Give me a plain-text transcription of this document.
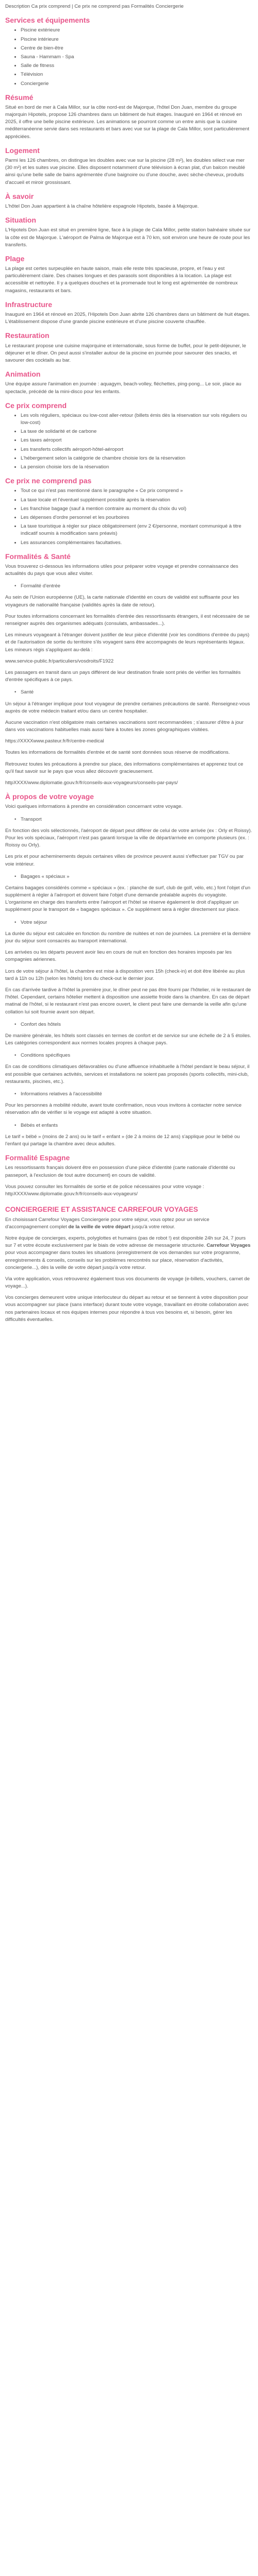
Description Ca prix comprend | Ce prix ne comprend pas Formalités Conciergerie

Services et équipements
• Piscine extérieure
• Piscine intérieure
• Centre de bien-être
• Sauna - Hammam - Spa
• Salle de fitness
• Télévision
• Conciergerie
Résumé

Situé en bord de mer à Cala Millor, sur la côte nord-est de Majorque, l'hôtel Don Juan, membre du groupe majorquin Hipotels, propose 126 chambres dans un bâtiment de huit étages. Inauguré en 1964 et rénové en 2025, il offre une belle piscine extérieure. Les animations se pourront comme un entre amis que la cuisine méditerranéenne servie dans ses restaurants et bars avec vue sur la plage de Cala Millor, sont particulièrement appréciées.

Logement

Parmi les 126 chambres, on distingue les doubles avec vue sur la piscine (28 m²), les doubles sélect vue mer (30 m²) et les suites vue piscine. Elles disposent notamment d'une télévision à écran plat, d'un balcon meublé ainsi qu'une belle salle de bains agrémentée d'une baignoire ou d'une douche, avec sèche-cheveux, produits d'accueil et miroir grossissant.

À savoir

L'hôtel Don Juan appartient à la chaîne hôtelière espagnole Hipotels, basée à Majorque.

Situation

L'Hipotels Don Juan est situé en première ligne, face à la plage de Cala Millor, petite station balnéaire située sur la côte est de Majorque. L'aéroport de Palma de Majorque est à 70 km, soit environ une heure de route pour les transferts.

Plage

La plage est certes surpeuplée en haute saison, mais elle reste très spacieuse, propre, et l'eau y est particulièrement claire. Des chaises longues et des parasols sont disponibles à la location. La plage est accessible et nettoyée. Il y a quelques douches et la promenade tout le long est agrémentée de nombreux magasins, restaurants et bars.

Infrastructure

Inauguré en 1964 et rénové en 2025, l'Hipotels Don Juan abrite 126 chambres dans un bâtiment de huit étages. L'établissement dispose d'une grande piscine extérieure et d'une piscine couverte chauffée.

Restauration

Le restaurant propose une cuisine majorquine et internationale, sous forme de buffet, pour le petit-déjeuner, le déjeuner et le dîner. On peut aussi s'installer autour de la piscine en journée pour savourer des snacks, et savourer des cocktails au bar.

Animation

Une équipe assure l'animation en journée : aquagym, beach-volley, fléchettes, ping-pong... Le soir, place au spectacle, précédé de la mini-disco pour les enfants.

Ce prix comprend
• Les vols réguliers, spéciaux ou low-cost aller-retour (billets émis dès la réservation sur vols réguliers ou low-cost)
• La taxe de solidarité et de carbone
• Les taxes aéroport
• Les transferts collectifs aéroport-hôtel-aéroport
• L'hébergement selon la catégorie de chambre choisie lors de la réservation
• La pension choisie lors de la réservation
Ce prix ne comprend pas
• Tout ce qui n'est pas mentionné dans le paragraphe « Ce prix comprend »
• La taxe locale et l'éventuel supplément possible après la réservation
• Les franchise bagage (sauf à mention contraire au moment du choix du vol)
• Les dépenses d'ordre personnel et les pourboires
• La taxe touristique à régler sur place obligatoirement (env 2 €/personne, montant communiqué à titre indicatif soumis à modification sans préavis)
• Les assurances complémentaires facultatives.
Formalités & Santé

Vous trouverez ci-dessous les informations utiles pour préparer votre voyage et prendre connaissance des actualités du pays que vous allez visiter.

• Formalité d'entrée

Au sein de l'Union européenne (UE), la carte nationale d'identité en cours de validité est suffisante pour les voyageurs de nationalité française (validités après la date de retour).

Pour toutes informations concernant les formalités d'entrée des ressortissants étrangers, il est nécessaire de se renseigner auprès des organismes adéquats (consulats, ambassades...).

Les mineurs voyageant à l'étranger doivent justifier de leur pièce d'identité (voir les conditions d'entrée du pays) et de l'autorisation de sortie du territoire s'ils voyagent sans être accompagnés de leurs représentants légaux. Les mineurs régis s'appliquent au-delà :

www.service-public.fr/particuliers/vosdroits/F1922

Les passagers en transit dans un pays différent de leur destination finale sont priés de vérifier les formalités d'entrée spécifiques à ce pays.

• Santé

Un séjour à l'étranger implique pour tout voyageur de prendre certaines précautions de santé. Renseignez-vous auprès de votre médecin traitant et/ou dans un centre hospitalier.

Aucune vaccination n'est obligatoire mais certaines vaccinations sont recommandées ; s'assurer d'être à jour dans vos vaccinations habituelles mais aussi faire à toutes les zones géographiques visitées.

https://XXXXwww.pasteur.fr/fr/centre-medical

Toutes les informations de formalités d'entrée et de santé sont données sous réserve de modifications.

Retrouvez toutes les précautions à prendre sur place, des informations complémentaires et apprenez tout ce qu'il faut savoir sur le pays que vous allez découvrir gracieusement.

httpXXXX/www.diplomatie.gouv.fr/fr/conseils-aux-voyageurs/conseils-par-pays/

À propos de votre voyage

Voici quelques informations à prendre en considération concernant votre voyage.

• Transport

En fonction des vols sélectionnés, l'aéroport de départ peut différer de celui de votre arrivée (ex : Orly et Roissy). Pour les vols spéciaux, l'aéroport n'est pas garanti lorsque la ville de départ/arrivée en comporte plusieurs (ex. : Roissy ou Orly).

Les prix et pour acheminements depuis certaines villes de province peuvent aussi s'effectuer par TGV ou par voie intérieur.

• Bagages « spéciaux »

Certains bagages considérés comme « spéciaux » (ex. : planche de surf, club de golf, vélo, etc.) font l'objet d'un supplément à régler à l'aéroport et doivent faire l'objet d'une demande préalable auprès du voyagiste. L'organisme en charge des transferts entre l'aéroport et l'hôtel se réserve également le droit d'appliquer un supplément pour le transport de « bagages spéciaux ». Ce supplément sera à régler directement sur place.

• Votre séjour

La durée du séjour est calculée en fonction du nombre de nuitées et non de journées. La première et la dernière jour du séjour sont consacrés au transport international.

Les arrivées ou les départs peuvent avoir lieu en cours de nuit en fonction des horaires imposés par les compagnies aériennes.

Lors de votre séjour à l'hôtel, la chambre est mise à disposition vers 15h (check-in) et doit être libérée au plus tard à 11h ou 12h (selon les hôtels) lors du check-out le dernier jour.

En cas d'arrivée tardive à l'hôtel la première jour, le dîner peut ne pas être fourni par l'hôtelier, ni le restaurant de l'hôtel. Cependant, certains hôtelier mettent à disposition une assiette froide dans la chambre. En cas de départ matinal de l'hôtel, si le restaurant n'est pas encore ouvert, le client peut faire une demande la veille afin qu'une collation lui soit fournie avant son départ.

• Confort des hôtels

De manière générale, les hôtels sont classés en termes de confort et de service sur une échelle de 2 à 5 étoiles. Les catégories correspondent aux normes locales propres à chaque pays.

• Conditions spécifiques

En cas de conditions climatiques défavorables ou d'une affluence inhabituelle à l'hôtel pendant le beau séjour, il est possible que certaines activités, services et installations ne soient pas proposés (sports collectifs, mini-club, restaurants, piscines, etc.).

• Informations relatives à l'accessibilité

Pour les personnes à mobilité réduite, avant toute confirmation, nous vous invitons à contacter notre service réservation afin de vérifier si le voyage est adapté à votre situation.

• Bébés et enfants

Le tarif « bébé » (moins de 2 ans) ou le tarif « enfant » (de 2 à moins de 12 ans) s'applique pour le bébé ou l'enfant qui partage la chambre avec deux adultes.

Formalité Espagne

Les ressortissants français doivent être en possession d'une pièce d'identité (carte nationale d'identité ou passeport, à l'exclusion de tout autre document) en cours de validité.

Vous pouvez consulter les formalités de sortie et de police nécessaires pour votre voyage : httpXXXX/www.diplomatie.gouv.fr/fr/conseils-aux-voyageurs/

CONCIERGERIE ET ASSISTANCE CARREFOUR VOYAGES

En choisissant Carrefour Voyages Conciergerie pour votre séjour, vous optez pour un service d'accompagnement complet de la veille de votre départ jusqu'à votre retour.

Notre équipe de concierges, experts, polyglottes et humains (pas de robot !) est disponible 24h sur 24, 7 jours sur 7 et votre écoute exclusivement par le biais de votre adresse de messagerie structurée. Carrefour Voyages pour vous accompagner dans toutes les situations (enregistrement de vos demandes sur votre programme, enregistrements & conseils, conseils sur les problèmes rencontrés sur place, réservation d'activités, conciergerie...), dès la veille de votre départ jusqu'à votre retour.

Via votre application, vous retrouverez également tous vos documents de voyage (e-billets, vouchers, carnet de voyage...).

Vos concierges demeurent votre unique interlocuteur du départ au retour et se tiennent à votre disposition pour vous accompagner sur place (sans interface) durant toute votre voyage, travaillant en étroite collaboration avec nos partenaires locaux et nos équipes internes pour répondre à tous vos besoins et, si besoin, gérer les difficultés éventuelles.
